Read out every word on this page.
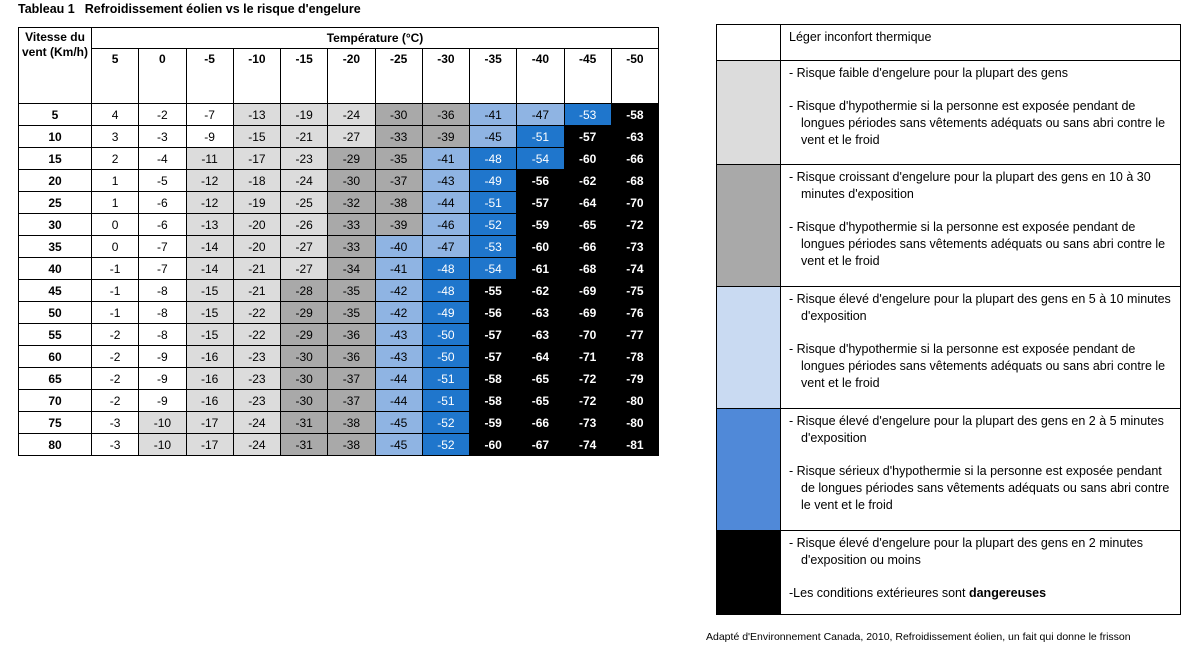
Tableau 1 Refroidissement éolien vs le risque d'engelure
Vitesse du vent (Km/h)	Température (°C)											
	5	0	-5	-10	-15	-20	-25	-30	-35	-40	-45	-50
5	4	-2	-7	-13	-19	-24	-30	-36	-41	-47	-53	-58
10	3	-3	-9	-15	-21	-27	-33	-39	-45	-51	-57	-63
15	2	-4	-11	-17	-23	-29	-35	-41	-48	-54	-60	-66
20	1	-5	-12	-18	-24	-30	-37	-43	-49	-56	-62	-68
25	1	-6	-12	-19	-25	-32	-38	-44	-51	-57	-64	-70
30	0	-6	-13	-20	-26	-33	-39	-46	-52	-59	-65	-72
35	0	-7	-14	-20	-27	-33	-40	-47	-53	-60	-66	-73
40	-1	-7	-14	-21	-27	-34	-41	-48	-54	-61	-68	-74
45	-1	-8	-15	-21	-28	-35	-42	-48	-55	-62	-69	-75
50	-1	-8	-15	-22	-29	-35	-42	-49	-56	-63	-69	-76
55	-2	-8	-15	-22	-29	-36	-43	-50	-57	-63	-70	-77
60	-2	-9	-16	-23	-30	-36	-43	-50	-57	-64	-71	-78
65	-2	-9	-16	-23	-30	-37	-44	-51	-58	-65	-72	-79
70	-2	-9	-16	-23	-30	-37	-44	-51	-58	-65	-72	-80
75	-3	-10	-17	-24	-31	-38	-45	-52	-59	-66	-73	-80
80	-3	-10	-17	-24	-31	-38	-45	-52	-60	-67	-74	-81

	Léger inconfort thermique

	- Risque faible d'engelure pour la plupart des gens
- Risque d'hypothermie si la personne est exposée pendant de longues périodes sans vêtements adéquats ou sans abri contre le vent et le froid

	- Risque croissant d'engelure pour la plupart des gens en 10 à 30 minutes d'exposition
- Risque d'hypothermie si la personne est exposée pendant de longues périodes sans vêtements adéquats ou sans abri contre le vent et le froid

	- Risque élevé d'engelure pour la plupart des gens en 5 à 10 minutes d'exposition
- Risque d'hypothermie si la personne est exposée pendant de longues périodes sans vêtements adéquats ou sans abri contre le vent et le froid

	- Risque élevé d'engelure pour la plupart des gens en 2 à 5 minutes d'exposition
- Risque sérieux d'hypothermie si la personne est exposée pendant de longues périodes sans vêtements adéquats ou sans abri contre le vent et le froid

	- Risque élevé d'engelure pour la plupart des gens en 2 minutes d'exposition ou moins
-Les conditions extérieures sont dangereuses
Adapté d'Environnement Canada, 2010, Refroidissement éolien, un fait qui donne le frisson
